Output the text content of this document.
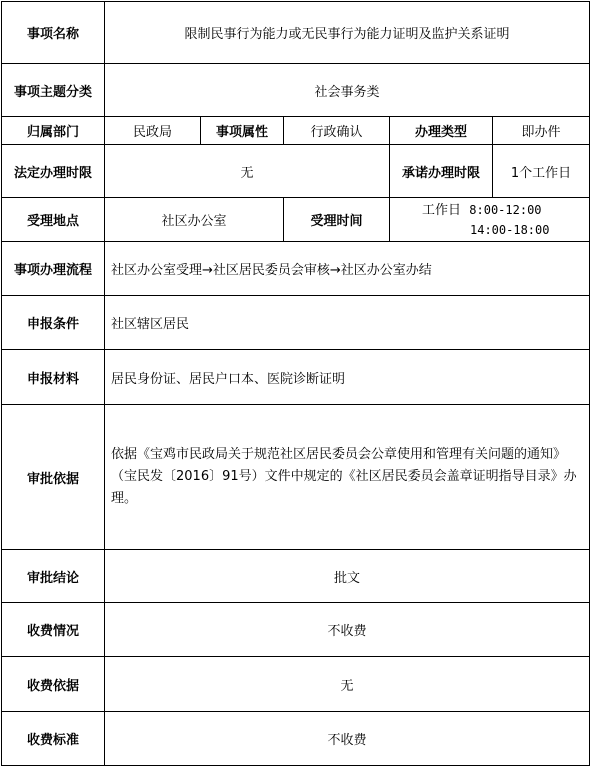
事项名称	限制民事行为能力或无民事行为能力证明及监护关系证明				
事项主题分类	社会事务类				
归属部门	民政局	事项属性	行政确认	办理类型	即办件
法定办理时限	无			承诺办理时限	1个工作日
受理地点	社区办公室		受理时间	工作日 8:00-12:00
14:00-18:00	

事项办理流程	社区办公室受理→社区居民委员会审核→社区办公室办结				
申报条件	社区辖区居民				
申报材料	居民身份证、居民户口本、医院诊断证明				
审批依据	依据《宝鸡市民政局关于规范社区居民委员会公章使用和管理有关问题的通知》（宝民发〔2016〕91号）文件中规定的《社区居民委员会盖章证明指导目录》办理。				
审批结论	批文				
收费情况	不收费				
收费依据	无				
收费标准	不收费				
